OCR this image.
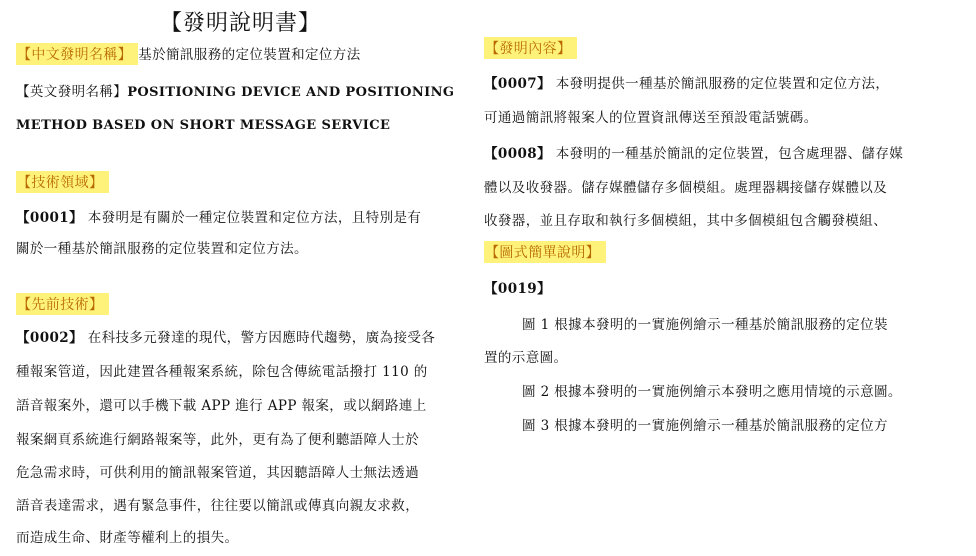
【發明說明書】
【中文發明名稱】 基於簡訊服務的定位裝置和定位方法
【英文發明名稱】POSITIONING DEVICE AND POSITIONING
METHOD BASED ON SHORT MESSAGE SERVICE
【技術領域】
【0001】 本發明是有關於一種定位裝置和定位方法，且特別是有
關於一種基於簡訊服務的定位裝置和定位方法。
【先前技術】
【0002】 在科技多元發達的現代，警方因應時代趨勢，廣為接受各
種報案管道，因此建置各種報案系統，除包含傳統電話撥打 110 的
語音報案外，還可以手機下載 APP 進行 APP 報案，或以網路連上
報案網頁系統進行網路報案等，此外，更有為了便利聽語障人士於
危急需求時，可供利用的簡訊報案管道，其因聽語障人士無法透過
語音表達需求，遇有緊急事件，往往要以簡訊或傳真向親友求救，
而造成生命、財產等權利上的損失。
【發明內容】
【0007】 本發明提供一種基於簡訊服務的定位裝置和定位方法，
可通過簡訊將報案人的位置資訊傳送至預設電話號碼。
【0008】 本發明的一種基於簡訊的定位裝置，包含處理器、儲存媒
體以及收發器。儲存媒體儲存多個模組。處理器耦接儲存媒體以及
收發器，並且存取和執行多個模組，其中多個模組包含觸發模組、
【圖式簡單說明】
【0019】
圖 1 根據本發明的一實施例繪示一種基於簡訊服務的定位裝
置的示意圖。
圖 2 根據本發明的一實施例繪示本發明之應用情境的示意圖。
圖 3 根據本發明的一實施例繪示一種基於簡訊服務的定位方
